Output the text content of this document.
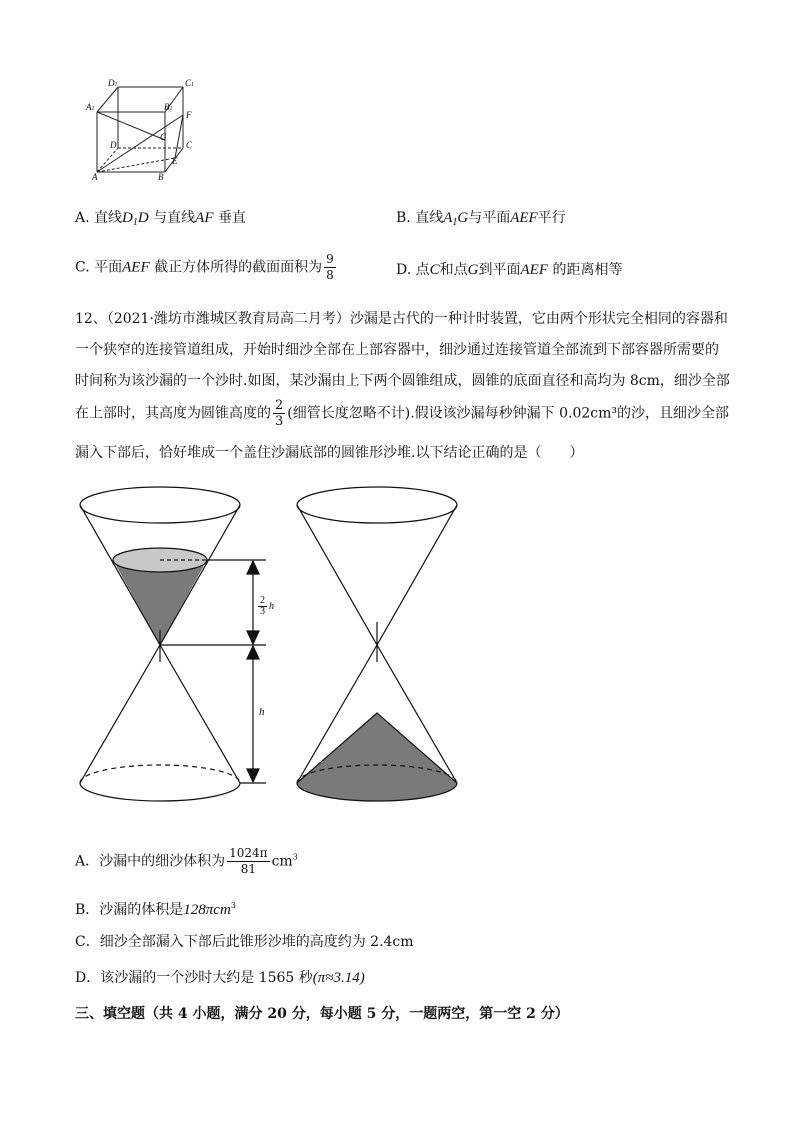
D1	C1
A1	B1
F
D
G
C
E
A	B
A. 直线$D_1D$ 与直线AF 垂直	B. 直线$A_1G$与平面AEF平行
C. 平面AEF 截正方体所得的截面面积为 $\frac{9}{8}$	D. 点C和点G到平面AEF 的距离相等
12、（2021·潍坊市潍城区教育局高二月考）沙漏是古代的一种计时装置，它由两个形状完全相同的容器和
一个狭窄的连接管道组成，开始时细沙全部在上部容器中，细沙通过连接管道全部流到下部容器所需要的
时间称为该沙漏的一个沙时.如图，某沙漏由上下两个圆锥组成，圆锥的底面直径和高均为 8cm，细沙全部
在上部时，其高度为圆锥高度的 $\frac{2}{3}$ (细管长度忽略不计).假设该沙漏每秒钟漏下 0.02cm³的沙，且细沙全部
漏入下部后，恰好堆成一个盖住沙漏底部的圆锥形沙堆.以下结论正确的是（　　）
$\frac{2}{3}$ h
h
A．沙漏中的细沙体积为 $\frac{1024\pi}{81} cm^3$
B．沙漏的体积是128πcm$^3$
C．细沙全部漏入下部后此锥形沙堆的高度约为 2.4cm
D．该沙漏的一个沙时大约是 1565 秒(π≈3.14)
三、填空题（共 4 小题，满分 20 分，每小题 5 分，一题两空，第一空 2 分）
